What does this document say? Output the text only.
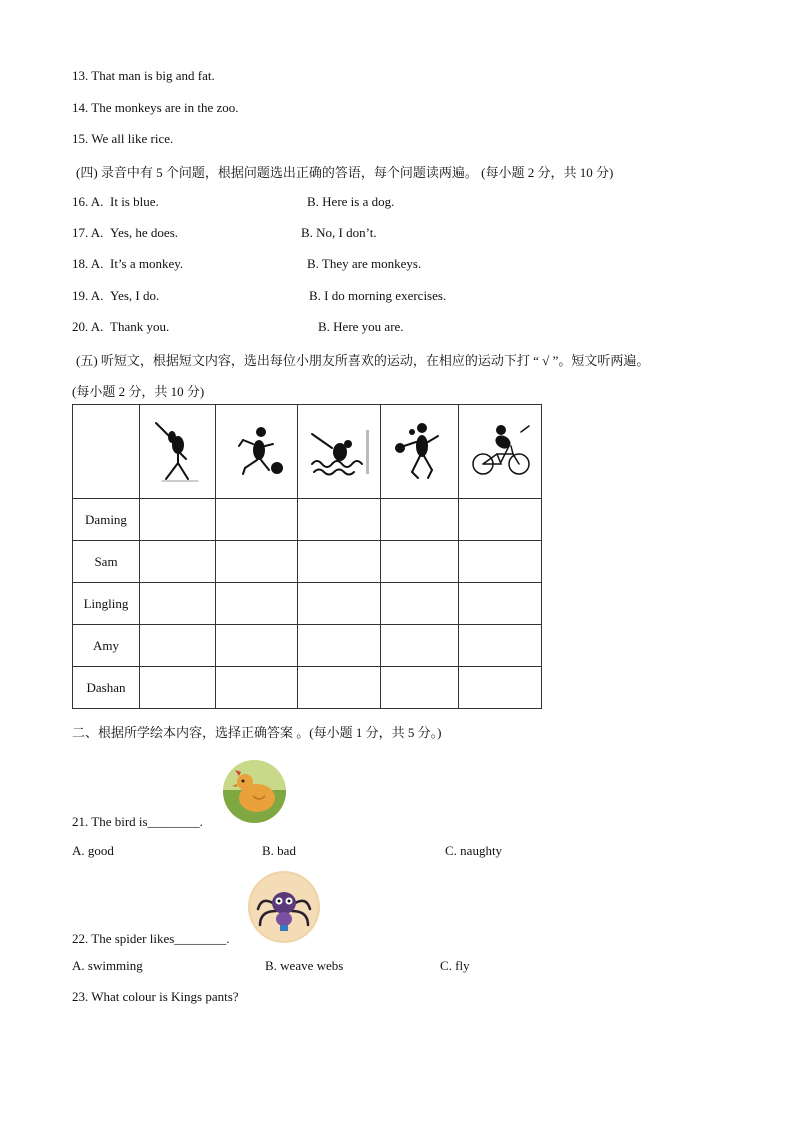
13. That man is big and fat.
14. The monkeys are in the zoo.
15. We all like rice.
(四) 录音中有 5 个问题，根据问题选出正确的答语，每个问题读两遍。 (每小题 2 分，共 10 分)
16. A. It is blue.	B. Here is a dog.
17. A. Yes, he does.	B. No, I don’t.
18. A. It’s a monkey.	B. They are monkeys.
19. A. Yes, I do.	B. I do morning exercises.
20. A. Thank you.	B. Here you are.
(五) 听短文，根据短文内容，选出每位小朋友所喜欢的运动，在相应的运动下打 “ √ ”。短文听两遍。
(每小题 2 分，共 10 分)

Daming					
Sam					
Lingling					
Amy					
Dashan					
二、根据所学绘本内容，选择正确答案 。(每小题 1 分，共 5 分。)
21. The bird is________.
A. good	B. bad	C. naughty
22. The spider likes________.
A. swimming	B. weave webs	C. fly
23. What colour is Kings pants?
